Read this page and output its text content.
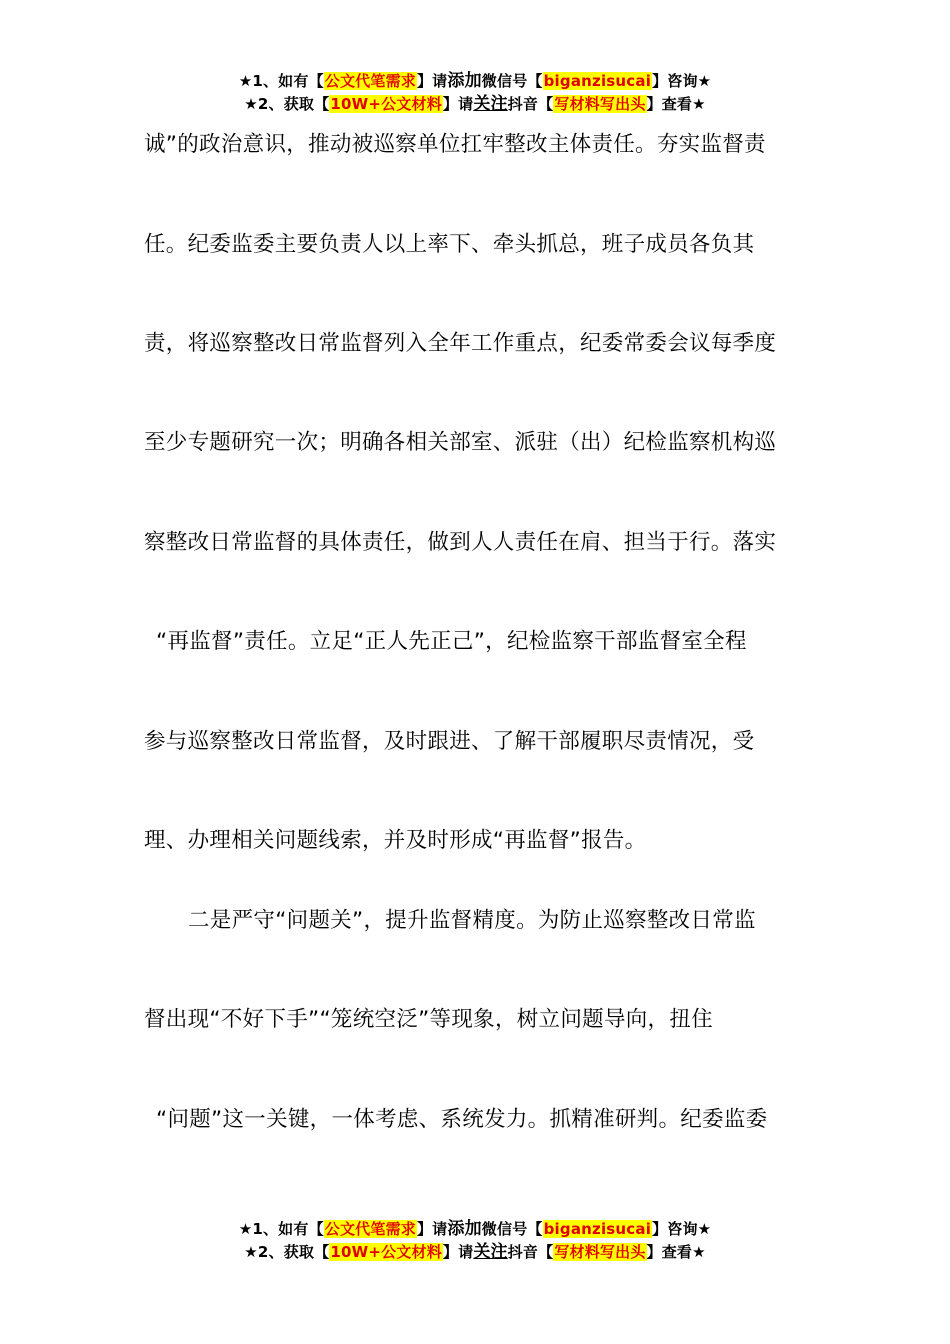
★1、如有【公文代笔需求】请添加微信号【biganzisucai】咨询★
★2、获取【10W+公文材料】请关注抖音【写材料写出头】查看★
诚”的政治意识，推动被巡察单位扛牢整改主体责任。夯实监督责
任。纪委监委主要负责人以上率下、牵头抓总，班子成员各负其
责，将巡察整改日常监督列入全年工作重点，纪委常委会议每季度
至少专题研究一次；明确各相关部室、派驻（出）纪检监察机构巡
察整改日常监督的具体责任，做到人人责任在肩、担当于行。落实
“再监督”责任。立足“正人先正己”，纪检监察干部监督室全程
参与巡察整改日常监督，及时跟进、了解干部履职尽责情况，受
理、办理相关问题线索，并及时形成“再监督”报告。
二是严守“问题关”，提升监督精度。为防止巡察整改日常监
督出现“不好下手”“笼统空泛”等现象，树立问题导向，扭住
“问题”这一关键，一体考虑、系统发力。抓精准研判。纪委监委
★1、如有【公文代笔需求】请添加微信号【biganzisucai】咨询★
★2、获取【10W+公文材料】请关注抖音【写材料写出头】查看★
